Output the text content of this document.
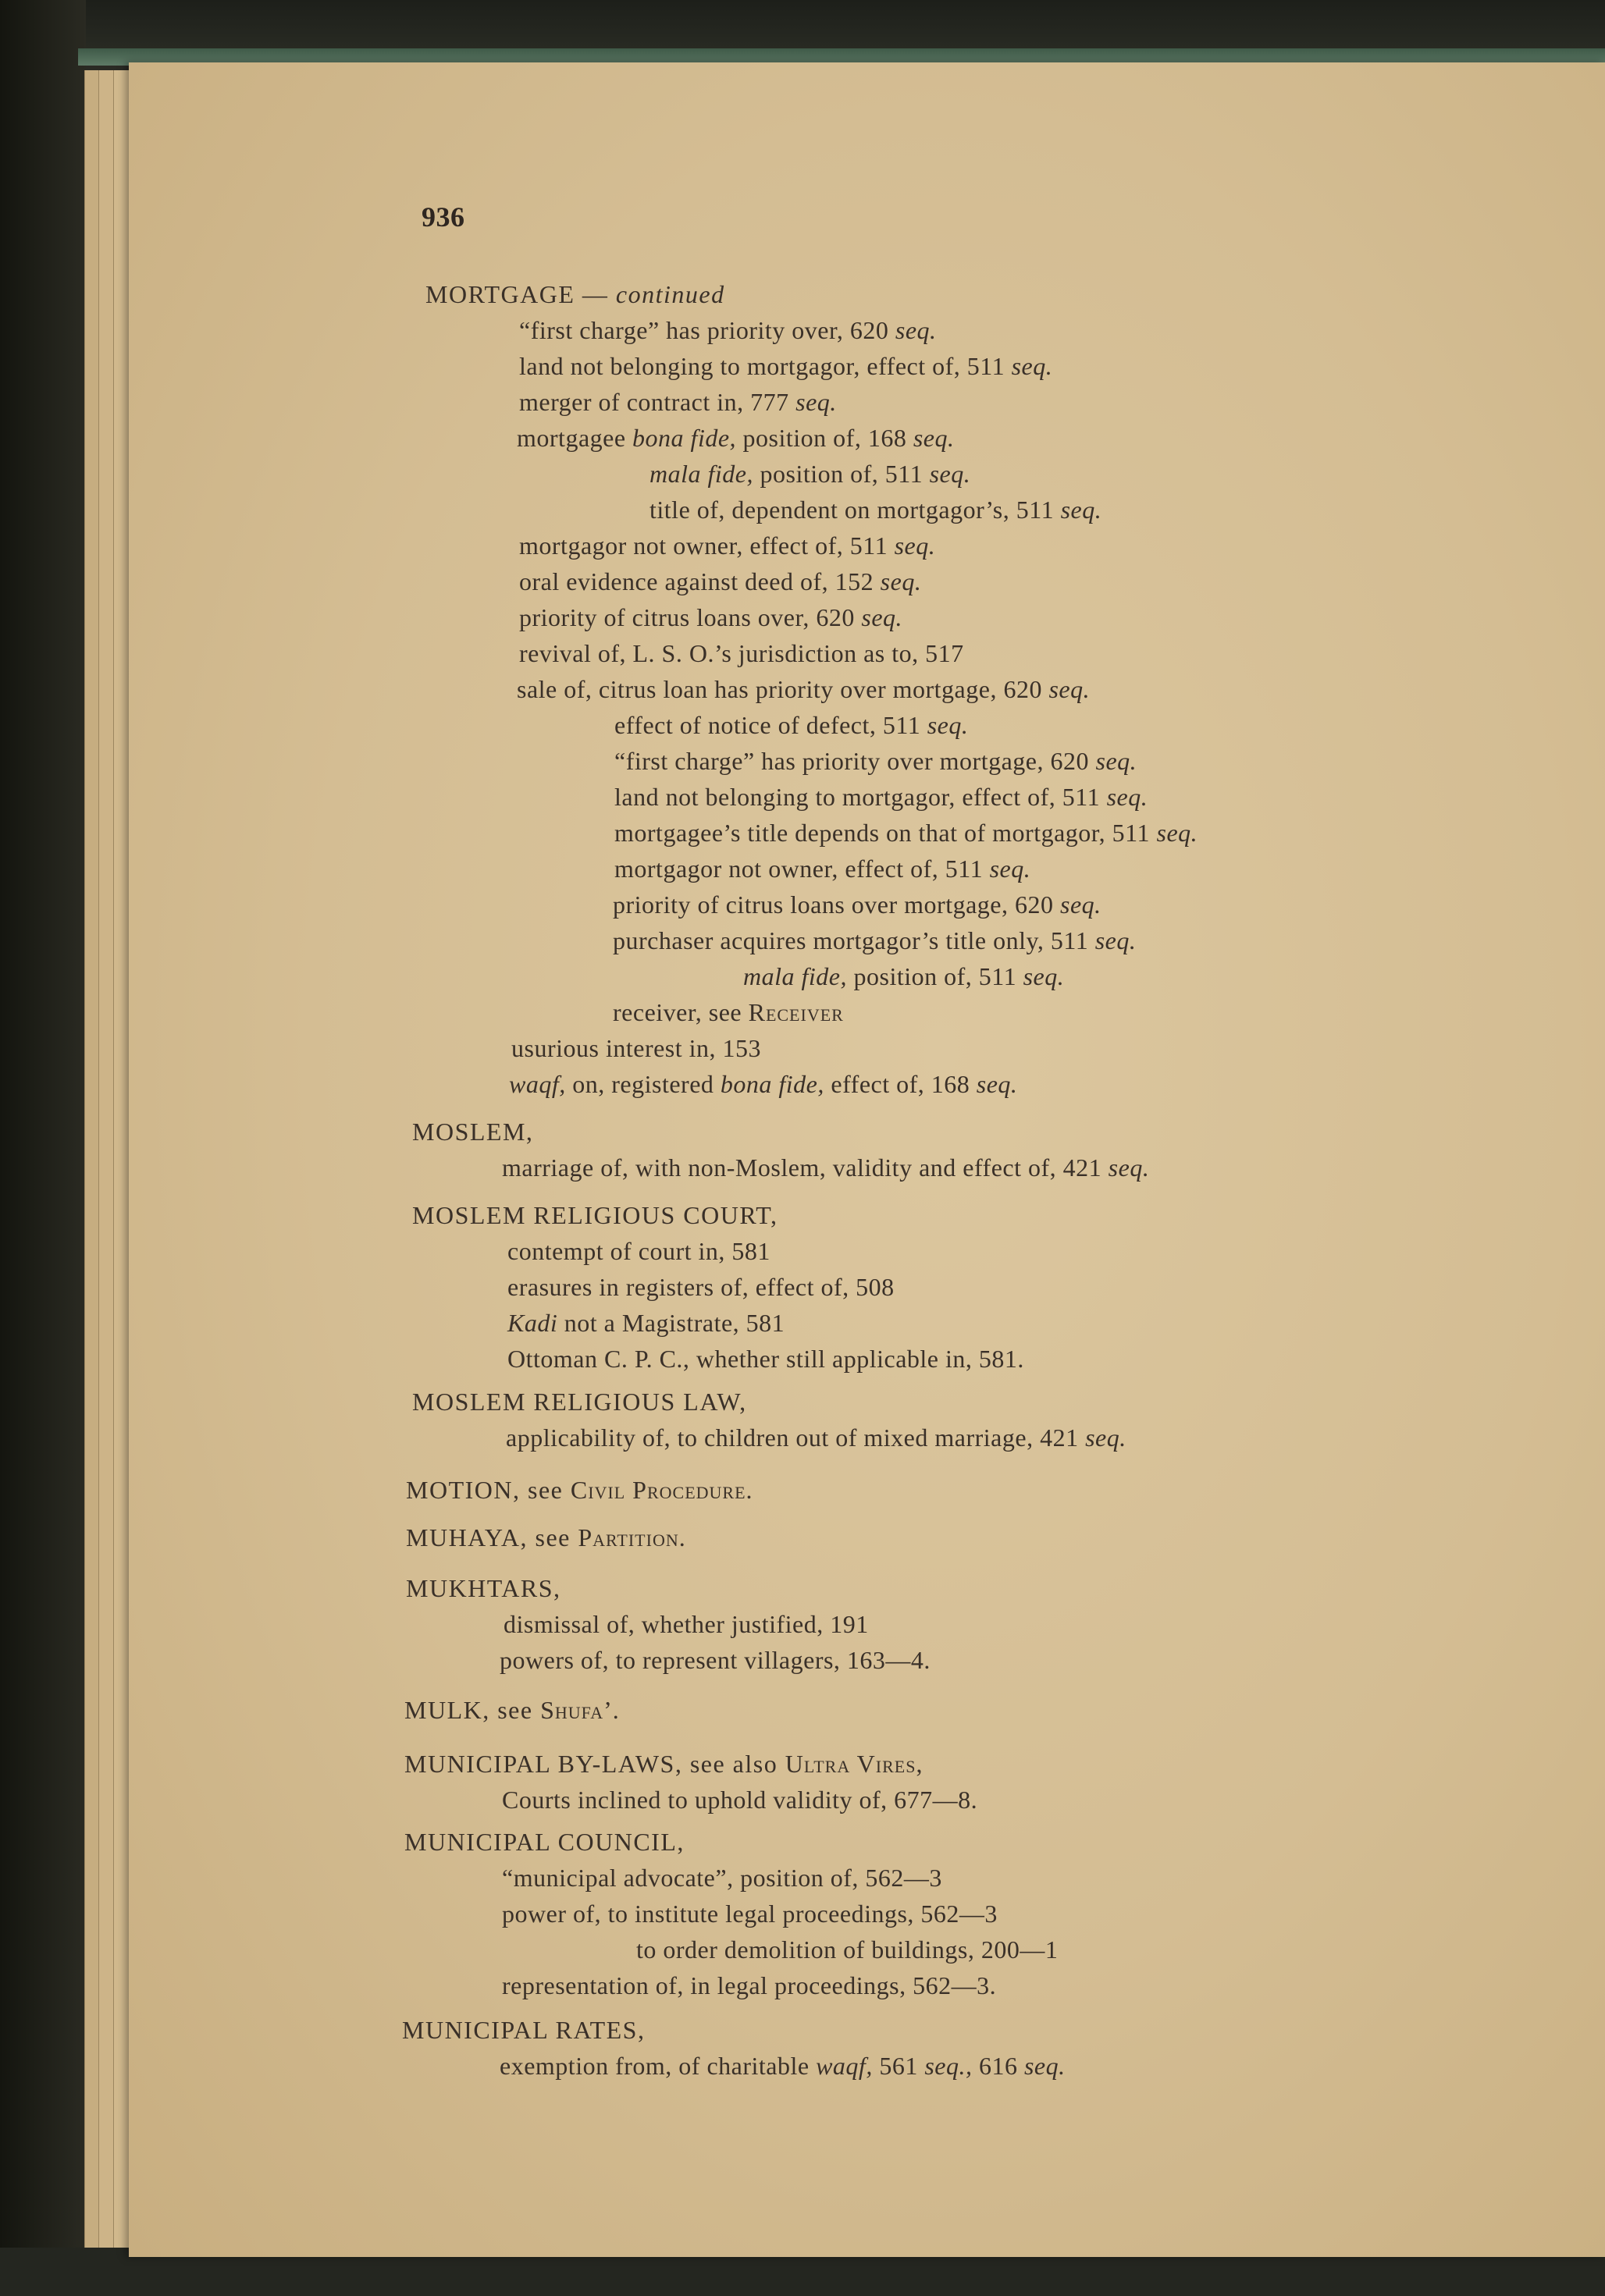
936
MORTGAGE — continued
“first charge” has priority over, 620 seq.
land not belonging to mortgagor, effect of, 511 seq.
merger of contract in, 777 seq.
mortgagee bona fide, position of, 168 seq.
mala fide, position of, 511 seq.
title of, dependent on mortgagor’s, 511 seq.
mortgagor not owner, effect of, 511 seq.
oral evidence against deed of, 152 seq.
priority of citrus loans over, 620 seq.
revival of, L. S. O.’s jurisdiction as to, 517
sale of, citrus loan has priority over mortgage, 620 seq.
effect of notice of defect, 511 seq.
“first charge” has priority over mortgage, 620 seq.
land not belonging to mortgagor, effect of, 511 seq.
mortgagee’s title depends on that of mortgagor, 511 seq.
mortgagor not owner, effect of, 511 seq.
priority of citrus loans over mortgage, 620 seq.
purchaser acquires mortgagor’s title only, 511 seq.
mala fide, position of, 511 seq.
receiver, see Receiver
usurious interest in, 153
waqf, on, registered bona fide, effect of, 168 seq.
MOSLEM,
marriage of, with non-Moslem, validity and effect of, 421 seq.
MOSLEM RELIGIOUS COURT,
contempt of court in, 581
erasures in registers of, effect of, 508
Kadi not a Magistrate, 581
Ottoman C. P. C., whether still applicable in, 581.
MOSLEM RELIGIOUS LAW,
applicability of, to children out of mixed marriage, 421 seq.
MOTION, see Civil Procedure.
MUHAYA, see Partition.
MUKHTARS,
dismissal of, whether justified, 191
powers of, to represent villagers, 163—4.
MULK, see Shufa’.
MUNICIPAL BY-LAWS, see also Ultra Vires,
Courts inclined to uphold validity of, 677—8.
MUNICIPAL COUNCIL,
“municipal advocate”, position of, 562—3
power of, to institute legal proceedings, 562—3
to order demolition of buildings, 200—1
representation of, in legal proceedings, 562—3.
MUNICIPAL RATES,
exemption from, of charitable waqf, 561 seq., 616 seq.
